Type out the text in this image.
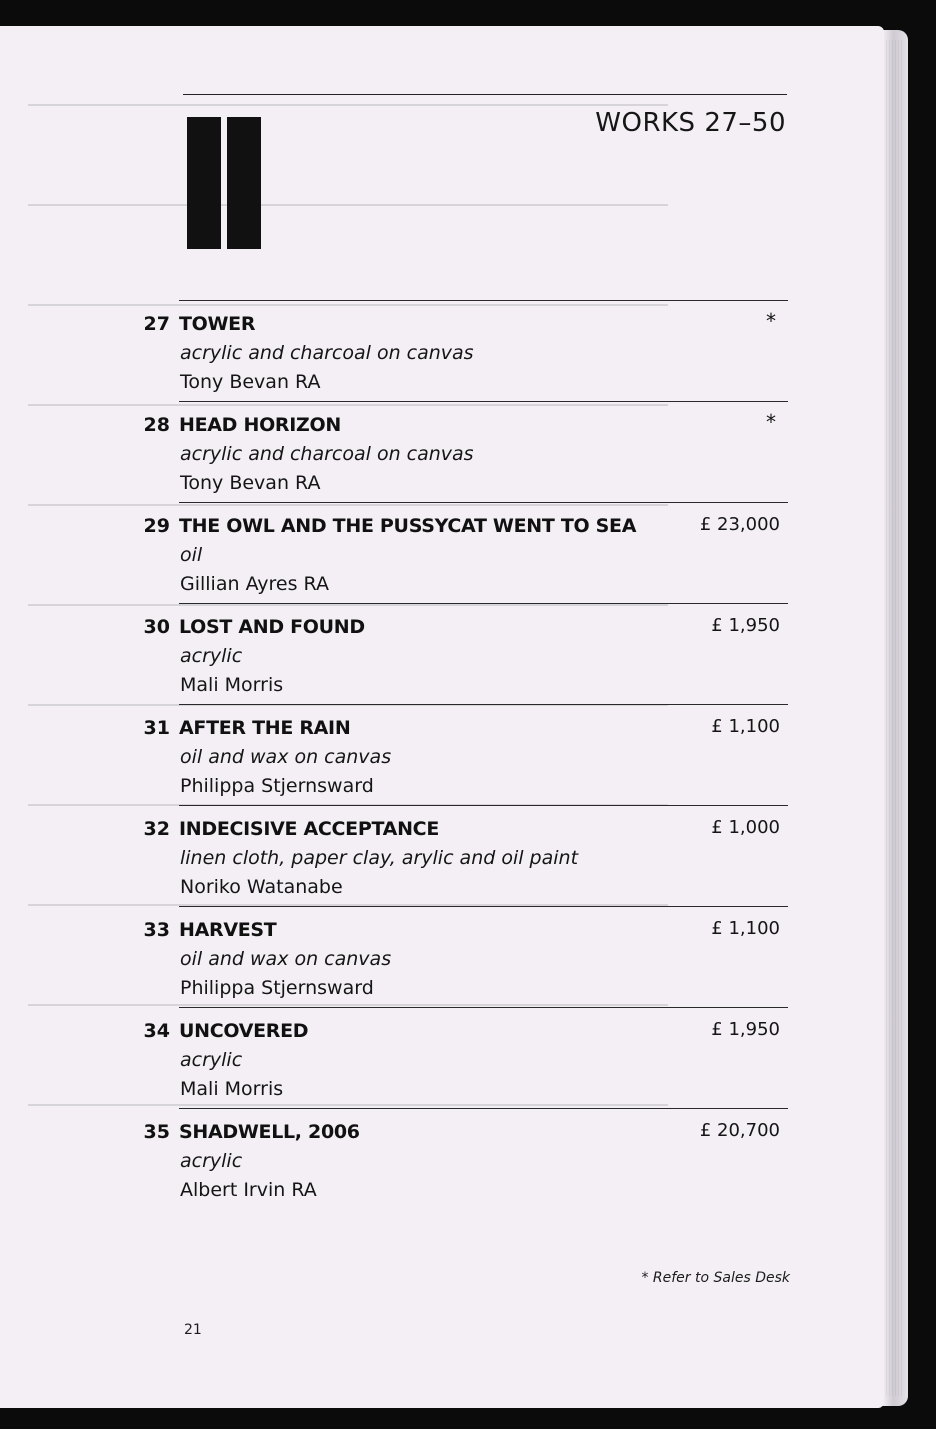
WORKS 27–50
27 TOWER
acrylic and charcoal on canvas
Tony Bevan RA
*
28 HEAD HORIZON
acrylic and charcoal on canvas
Tony Bevan RA
*
29 THE OWL AND THE PUSSYCAT WENT TO SEA
oil
Gillian Ayres RA
£ 23,000
30 LOST AND FOUND
acrylic
Mali Morris
£ 1,950
31 AFTER THE RAIN
oil and wax on canvas
Philippa Stjernsward
£ 1,100
32 INDECISIVE ACCEPTANCE
linen cloth, paper clay, arylic and oil paint
Noriko Watanabe
£ 1,000
33 HARVEST
oil and wax on canvas
Philippa Stjernsward
£ 1,100
34 UNCOVERED
acrylic
Mali Morris
£ 1,950
35 SHADWELL, 2006
acrylic
Albert Irvin RA
£ 20,700
* Refer to Sales Desk
21
